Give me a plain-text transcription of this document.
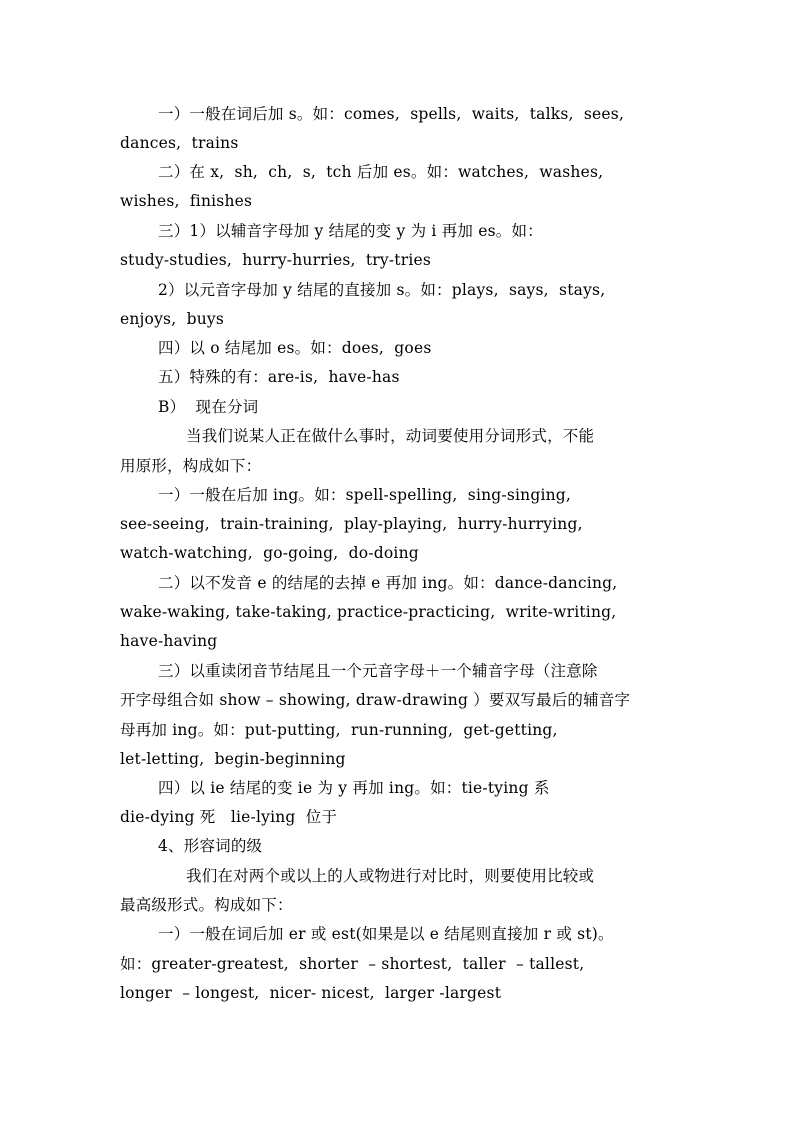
一）一般在词后加 s。如：comes,  spells,  waits,  talks,  sees,
dances,  trains
二）在 x,  sh,  ch,  s,  tch 后加 es。如：watches,  washes,
wishes,  finishes
三）1）以辅音字母加 y 结尾的变 y 为 i 再加 es。如：
study-studies,  hurry-hurries,  try-tries
2）以元音字母加 y 结尾的直接加 s。如：plays,  says,  stays,
enjoys,  buys
四）以 o 结尾加 es。如：does,  goes
五）特殊的有：are-is,  have-has
B）  现在分词
当我们说某人正在做什么事时，动词要使用分词形式，不能
用原形，构成如下：
一）一般在后加 ing。如：spell-spelling,  sing-singing,
see-seeing,  train-training,  play-playing,  hurry-hurrying,
watch-watching,  go-going,  do-doing
二）以不发音 e 的结尾的去掉 e 再加 ing。如：dance-dancing,
wake-waking, take-taking, practice-practicing,  write-writing,
have-having
三）以重读闭音节结尾且一个元音字母＋一个辅音字母（注意除
开字母组合如 show – showing, draw-drawing ）要双写最后的辅音字
母再加 ing。如：put-putting,  run-running,  get-getting,
let-letting,  begin-beginning
四）以 ie 结尾的变 ie 为 y 再加 ing。如：tie-tying 系
die-dying 死   lie-lying  位于
4、形容词的级
我们在对两个或以上的人或物进行对比时，则要使用比较或
最高级形式。构成如下：
一）一般在词后加 er 或 est(如果是以 e 结尾则直接加 r 或 st)。
如：greater-greatest,  shorter  – shortest,  taller  – tallest,
longer  – longest,  nicer- nicest,  larger -largest
